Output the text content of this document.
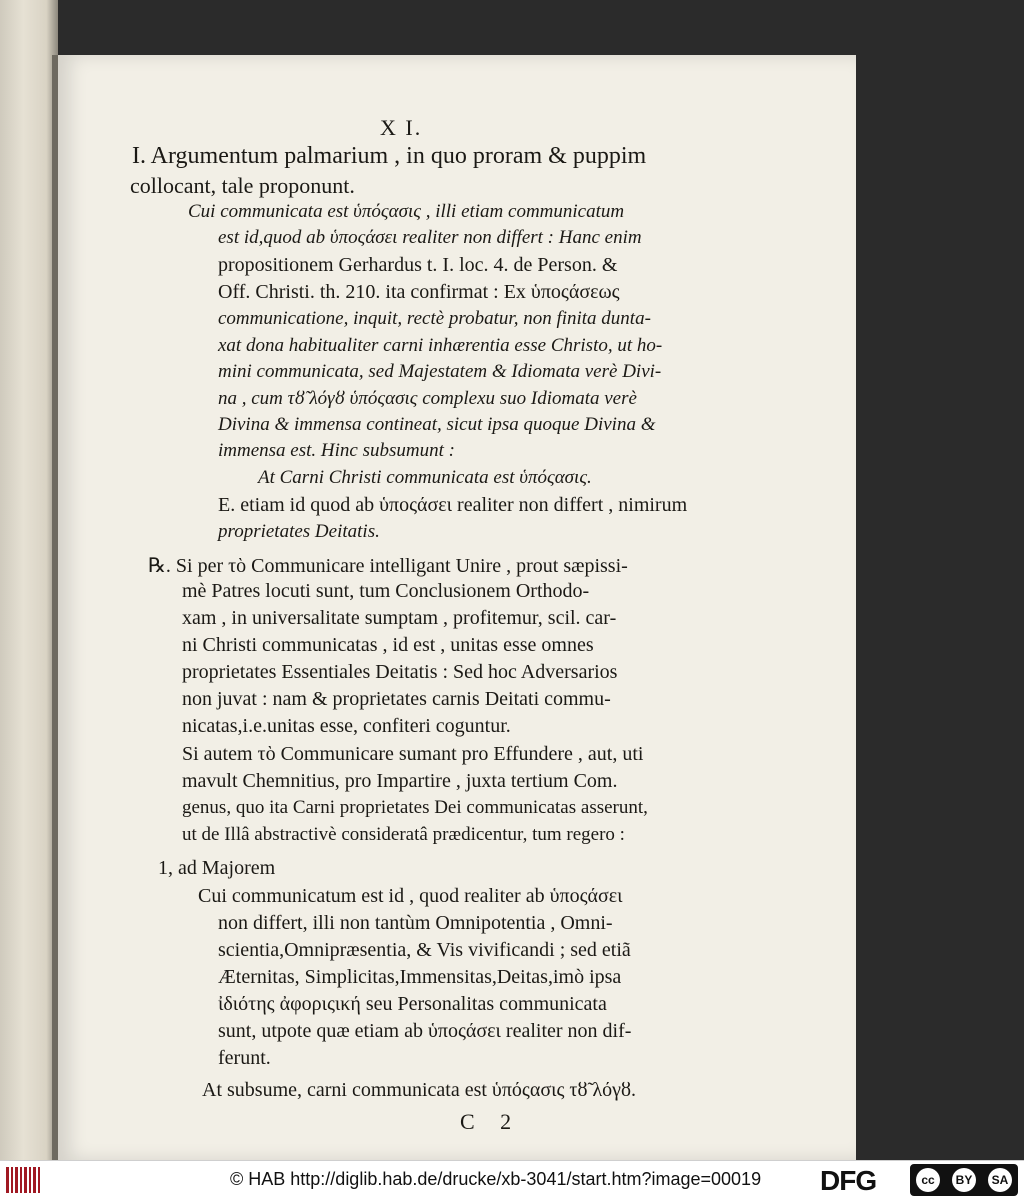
X I.
I. Argumentum palmarium , in quo proram & puppim
collocant, tale proponunt.
Cui communicata est ὑπόςασις , illi etiam communicatum
est id,quod ab ὑποςάσει realiter non differt : Hanc enim
propositionem Gerhardus t. I. loc. 4. de Person. &
Off. Christi. th. 210. ita confirmat : Ex ὑποςάσεως
communicatione, inquit, rectè probatur, non finita dunta-
xat dona habitualiter carni inhærentia esse Christo, ut ho-
mini communicata, sed Majestatem & Idiomata verè Divi-
na , cum τȣ̃ λόγȣ ὑπόςασις complexu suo Idiomata verè
Divina & immensa contineat, sicut ipsa quoque Divina &
immensa est. Hinc subsumunt :
At Carni Christi communicata est ὑπόςασις.
E. etiam id quod ab ὑποςάσει realiter non differt , nimirum
proprietates Deitatis.
℞. Si per τὸ Communicare intelligant Unire , prout sæpissi-
mè Patres locuti sunt, tum Conclusionem Orthodo-
xam , in universalitate sumptam , profitemur, scil. car-
ni Christi communicatas , id est , unitas esse omnes
proprietates Essentiales Deitatis : Sed hoc Adversarios
non juvat : nam & proprietates carnis Deitati commu-
nicatas,i.e.unitas esse, confiteri coguntur.
Si autem τὸ Communicare sumant pro Effundere , aut, uti
mavult Chemnitius, pro Impartire , juxta tertium Com.
genus, quo ita Carni proprietates Dei communicatas asserunt,
ut de Illâ abstractivè consideratâ prædicentur, tum regero :
1, ad Majorem
Cui communicatum est id , quod realiter ab ὑποςάσει
non differt, illi non tantùm Omnipotentia , Omni-
scientia,Omnipræsentia, & Vis vivificandi ; sed etiã
Æternitas, Simplicitas,Immensitas,Deitas,imò ipsa
ἰδιότης ἀφοριςική seu Personalitas communicata
sunt, utpote quæ etiam ab ὑποςάσει realiter non dif-
ferunt.
At subsume, carni communicata est ὑπόςασις τȣ̃ λόγȣ.
C 2
© HAB http://diglib.hab.de/drucke/xb-3041/start.htm?image=00019 DFG	cc	BY	SA
